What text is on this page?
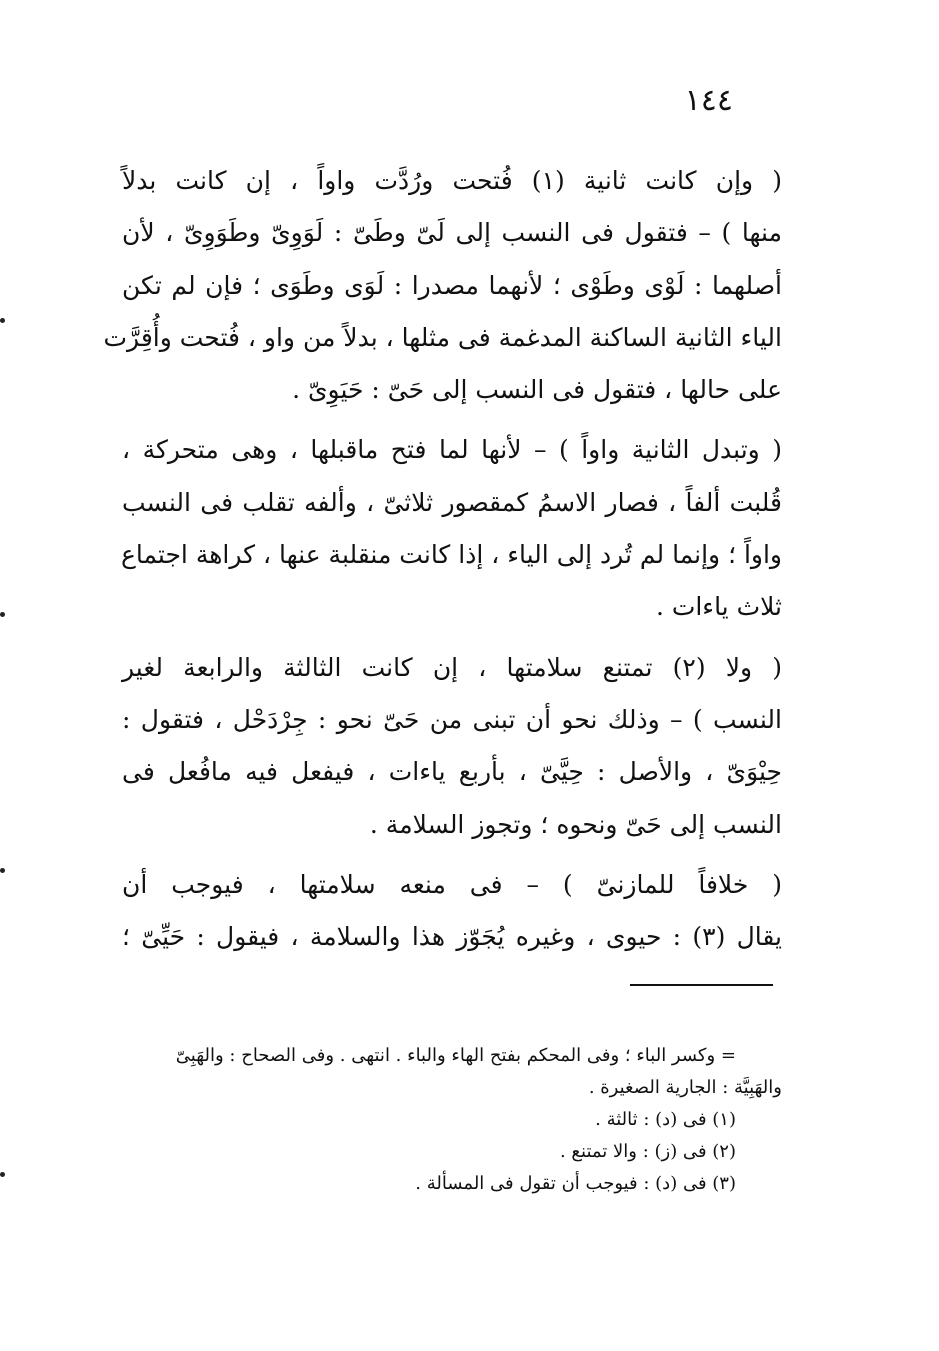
١٤٤

( وإن كانت ثانية (١) فُتحت ورُدَّت واواً ، إن كانت بدلاً
منها ) – فتقول فى النسب إلى لَىّ وطَىّ : لَوَوِىّ وطَوَوِىّ ، لأن
أصلهما : لَوْى وطَوْى ؛ لأنهما مصدرا : لَوَى وطَوَى ؛ فإن لم تكن
الياء الثانية الساكنة المدغمة فى مثلها ، بدلاً من واو ، فُتحت وأُقِرَّت
على حالها ، فتقول فى النسب إلى حَىّ : حَيَوِىّ .

( وتبدل الثانية واواً ) – لأنها لما فتح ماقبلها ، وهى متحركة ،
قُلبت ألفاً ، فصار الاسمُ كمقصور ثلاثىّ ، وألفه تقلب فى النسب
واواً ؛ وإنما لم تُرد إلى الياء ، إذا كانت منقلبة عنها ، كراهة اجتماع
ثلاث ياءات .

( ولا (٢) تمتنع سلامتها ، إن كانت الثالثة والرابعة لغير
النسب ) – وذلك نحو أن تبنى من حَىّ نحو : جِرْدَحْل ، فتقول :
حِيْوَىّ ، والأصل : حِيَّىّ ، بأربع ياءات ، فيفعل فيه مافُعل فى
النسب إلى حَىّ ونحوه ؛ وتجوز السلامة .

( خلافاً للمازنىّ ) – فى منعه سلامتها ، فيوجب أن
يقال (٣) : حيوى ، وغيره يُجَوّز هذا والسلامة ، فيقول : حَيِّىّ ؛

= وكسر الباء ؛ وفى المحكم بفتح الهاء والباء . انتهى . وفى الصحاح : والهَبِىّ
والهَبِيَّة : الجارية الصغيرة .
(١) فى (د) : ثالثة .
(٢) فى (ز) : والا تمتنع .
(٣) فى (د) : فيوجب أن تقول فى المسألة .
